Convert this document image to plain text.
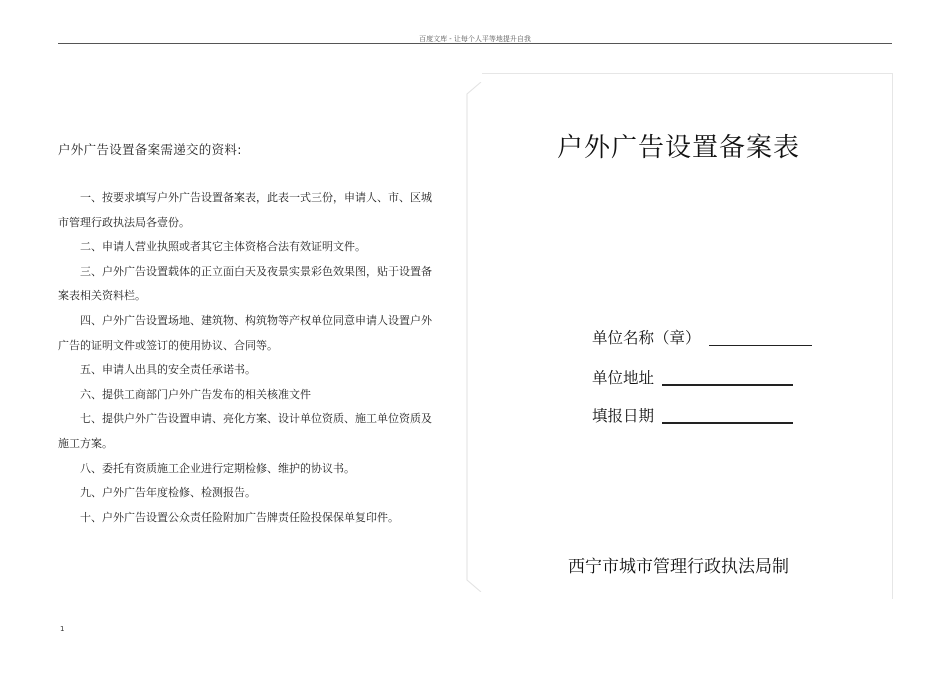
百度文库 - 让每个人平等地提升自我

户外广告设置备案需递交的资料:

一、按要求填写户外广告设置备案表，此表一式三份，申请人、市、区城市管理行政执法局各壹份。

二、申请人营业执照或者其它主体资格合法有效证明文件。

三、户外广告设置载体的正立面白天及夜景实景彩色效果图，贴于设置备案表相关资料栏。

四、户外广告设置场地、建筑物、构筑物等产权单位同意申请人设置户外广告的证明文件或签订的使用协议、合同等。

五、申请人出具的安全责任承诺书。

六、提供工商部门户外广告发布的相关核准文件

七、提供户外广告设置申请、亮化方案、设计单位资质、施工单位资质及施工方案。

八、委托有资质施工企业进行定期检修、维护的协议书。

九、户外广告年度检修、检测报告。

十、户外广告设置公众责任险附加广告牌责任险投保保单复印件。

户外广告设置备案表
单位名称（章）
单位地址
填报日期
西宁市城市管理行政执法局制
1
